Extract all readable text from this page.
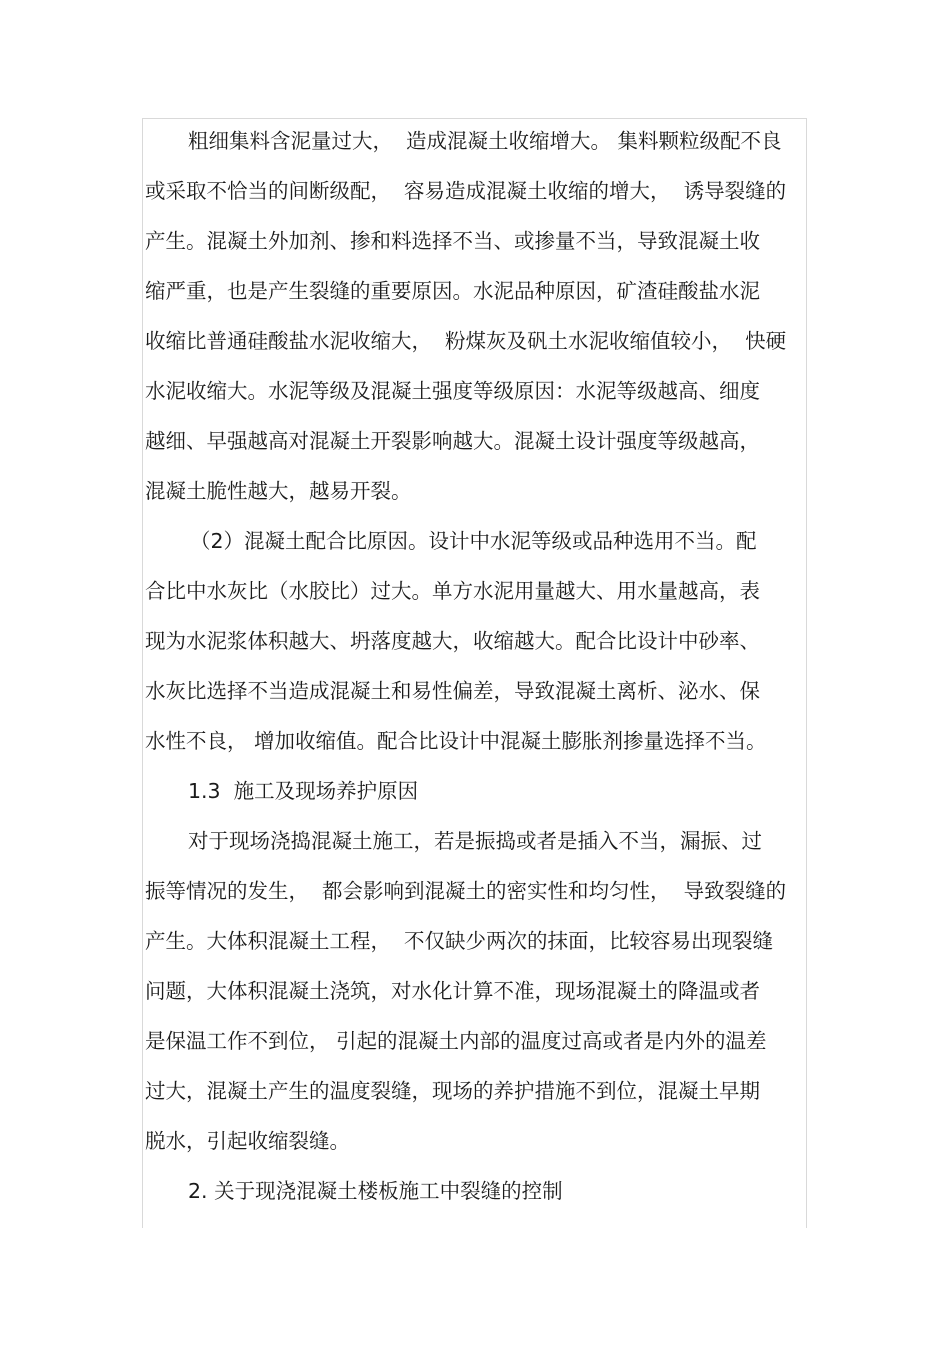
粗细集料含泥量过大，  造成混凝土收缩增大。 集料颗粒级配不良
或采取不恰当的间断级配，  容易造成混凝土收缩的增大，  诱导裂缝的
产生。混凝土外加剂、掺和料选择不当、或掺量不当，导致混凝土收
缩严重，也是产生裂缝的重要原因。水泥品种原因，矿渣硅酸盐水泥
收缩比普通硅酸盐水泥收缩大，  粉煤灰及矾土水泥收缩值较小，  快硬
水泥收缩大。水泥等级及混凝土强度等级原因：水泥等级越高、细度
越细、早强越高对混凝土开裂影响越大。混凝土设计强度等级越高，
混凝土脆性越大，越易开裂。
（2）混凝土配合比原因。设计中水泥等级或品种选用不当。配
合比中水灰比（水胶比）过大。单方水泥用量越大、用水量越高，表
现为水泥浆体积越大、坍落度越大，收缩越大。配合比设计中砂率、
水灰比选择不当造成混凝土和易性偏差，导致混凝土离析、泌水、保
水性不良， 增加收缩值。配合比设计中混凝土膨胀剂掺量选择不当。
1.3  施工及现场养护原因
对于现场浇捣混凝土施工，若是振捣或者是插入不当，漏振、过
振等情况的发生，  都会影响到混凝土的密实性和均匀性，  导致裂缝的
产生。大体积混凝土工程，  不仅缺少两次的抹面，比较容易出现裂缝
问题，大体积混凝土浇筑，对水化计算不准，现场混凝土的降温或者
是保温工作不到位， 引起的混凝土内部的温度过高或者是内外的温差
过大，混凝土产生的温度裂缝，现场的养护措施不到位，混凝土早期
脱水，引起收缩裂缝。
2. 关于现浇混凝土楼板施工中裂缝的控制
